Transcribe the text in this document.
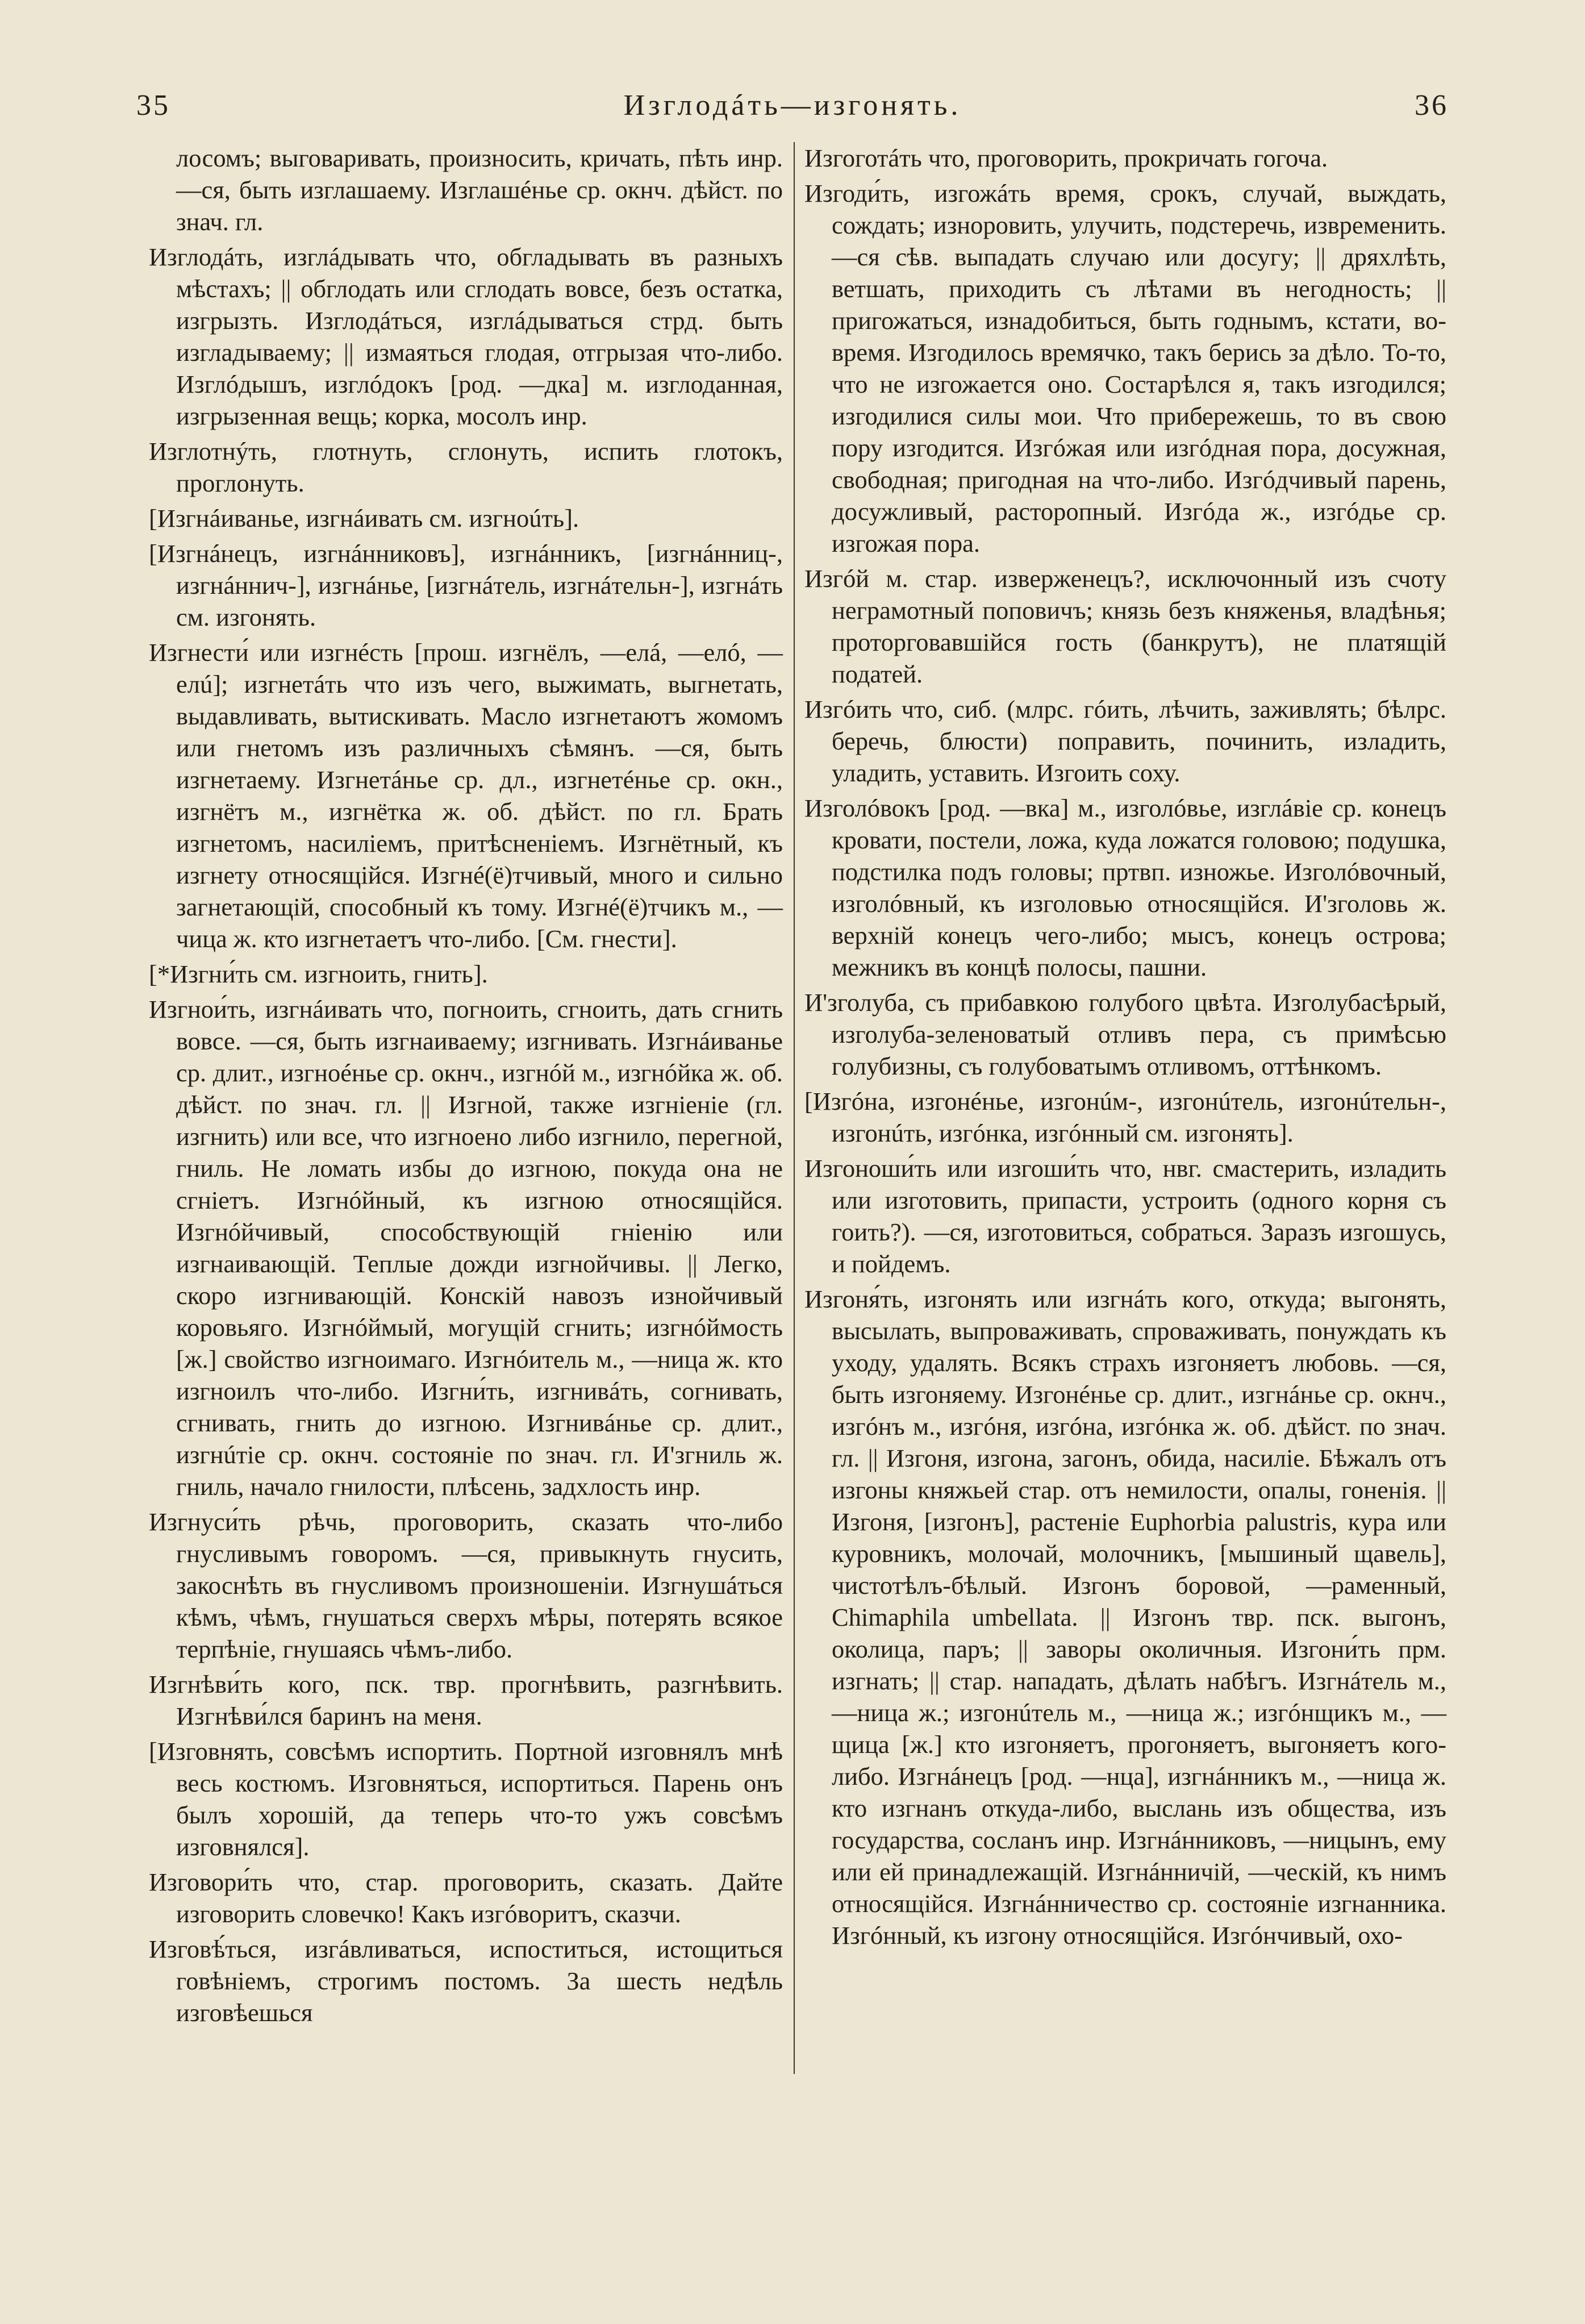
35	Изглодáть—изгонять.	36

лосомъ; выговаривать, произносить, кричать, пѣть инр. —ся, быть изглашаему. Изглашéнье ср. окнч. дѣйст. по знач. гл.

Изглодáть, изглáдывать что, обгладывать въ разныхъ мѣстахъ; || обглодать или сглодать вовсе, безъ остатка, изгрызть. Изглодáться, изглáдываться стрд. быть изгладываему; || измаяться глодая, отгрызая что-либо. Изглóдышъ, изглóдокъ [род. —дка] м. изглоданная, изгрызенная вещь; корка, мосолъ инр.

Изглотнýть, глотнуть, сглонуть, испить глотокъ, проглонуть.

[Изгнáиванье, изгнáивать см. изгноúть].

[Изгнáнецъ, изгнáнниковъ], изгнáнникъ, [изгнáнниц-, изгнáннич-], изгнáнье, [изгнáтель, изгнáтельн-], изгнáть см. изгонять.

Изгнести́ или изгнéсть [прош. изгнёлъ, —елá, —елó, —елú]; изгнетáть что изъ чего, выжимать, выгнетать, выдавливать, вытискивать. Масло изгнетаютъ жомомъ или гнетомъ изъ различныхъ сѣмянъ. —ся, быть изгнетаему. Изгнетáнье ср. дл., изгнетéнье ср. окн., изгнётъ м., изгнётка ж. об. дѣйст. по гл. Брать изгнетомъ, насиліемъ, притѣсненіемъ. Изгнётный, къ изгнету относящійся. Изгнé(ё)тчивый, много и сильно загнетающій, способный къ тому. Изгнé(ё)тчикъ м., —чица ж. кто изгнетаетъ что-либо. [См. гнести].

[*Изгни́ть см. изгноить, гнить].

Изгнои́ть, изгнáивать что, погноить, сгноить, дать сгнить вовсе. —ся, быть изгнаиваему; изгнивать. Изгнáиванье ср. длит., изгноéнье ср. окнч., изгнóй м., изгнóйка ж. об. дѣйст. по знач. гл. || Изгной, также изгніеніе (гл. изгнить) или все, что изгноено либо изгнило, перегной, гниль. Не ломать избы до изгною, покуда она не сгніетъ. Изгнóйный, къ изгною относящійся. Изгнóйчивый, способствующій гніенію или изгнаивающій. Теплые дожди изгнойчивы. || Легко, скоро изгнивающій. Конскій навозъ изнойчивый коровьяго. Изгнóймый, могущій сгнить; изгнóймость [ж.] свойство изгноимаго. Изгнóитель м., —ница ж. кто изгноилъ что-либо. Изгни́ть, изгнивáть, согнивать, сгнивать, гнить до изгною. Изгнивáнье ср. длит., изгнúтіе ср. окнч. состояніе по знач. гл. И'згниль ж. гниль, начало гнилости, плѣсень, задхлость инр.

Изгнуси́ть рѣчь, проговорить, сказать что-либо гнусливымъ говоромъ. —ся, привыкнуть гнусить, закоснѣть въ гнусливомъ произношеніи. Изгнушáться кѣмъ, чѣмъ, гнушаться сверхъ мѣры, потерять всякое терпѣніе, гнушаясь чѣмъ-либо.

Изгнѣви́ть кого, пск. твр. прогнѣвить, разгнѣвить. Изгнѣви́лся баринъ на меня.

[Изговнять, совсѣмъ испортить. Портной изговнялъ мнѣ весь костюмъ. Изговняться, испортиться. Парень онъ былъ хорошій, да теперь что-то ужъ совсѣмъ изговнялся].

Изговори́ть что, стар. проговорить, сказать. Дайте изговорить словечко! Какъ изгóворитъ, сказчи.

Изговѣ́ться, изгáвливаться, испоститься, истощиться говѣніемъ, строгимъ постомъ. За шесть недѣль изговѣешься

Изгоготáть что, проговорить, прокричать гогоча.

Изгоди́ть, изгожáть время, срокъ, случай, выждать, сождать; изноровить, улучить, подстеречь, извременить. —ся сѣв. выпадать случаю или досугу; || дряхлѣть, ветшать, приходить съ лѣтами въ негодность; || пригожаться, изнадобиться, быть годнымъ, кстати, во-время. Изгодилось времячко, такъ берись за дѣло. То-то, что не изгожается оно. Состарѣлся я, такъ изгодился; изгодилися силы мои. Что прибережешь, то въ свою пору изгодится. Изгóжая или изгóдная пора, досужная, свободная; пригодная на что-либо. Изгóдчивый парень, досужливый, расторопный. Изгóда ж., изгóдье ср. изгожая пора.

Изгóй м. стар. изверженецъ?, исключонный изъ счоту неграмотный поповичъ; князь безъ княженья, владѣнья; проторговавшійся гость (банкрутъ), не платящій податей.

Изгóить что, сиб. (млрс. гóить, лѣчить, заживлять; бѣлрс. беречь, блюсти) поправить, починить, изладить, уладить, уставить. Изгоить соху.

Изголóвокъ [род. —вка] м., изголóвье, изглáвіе ср. конецъ кровати, постели, ложа, куда ложатся головою; подушка, подстилка подъ головы; пртвп. изножье. Изголóвочный, изголóвный, къ изголовью относящійся. И'зголовь ж. верхній конецъ чего-либо; мысъ, конецъ острова; межникъ въ концѣ полосы, пашни.

И'зголуба, съ прибавкою голубого цвѣта. Изголубасѣрый, изголуба-зеленоватый отливъ пера, съ примѣсью голубизны, съ голубоватымъ отливомъ, оттѣнкомъ.

[Изгóна, изгонéнье, изгонúм-, изгонúтель, изгонúтельн-, изгонúть, изгóнка, изгóнный см. изгонять].

Изгоноши́ть или изгоши́ть что, нвг. смастерить, изладить или изготовить, припасти, устроить (одного корня съ гоить?). —ся, изготовиться, собраться. Заразъ изгошусь, и пойдемъ.

Изгоня́ть, изгонять или изгнáть кого, откуда; выгонять, высылать, выпроваживать, спроваживать, понуждать къ уходу, удалять. Всякъ страхъ изгоняетъ любовь. —ся, быть изгоняему. Изгонéнье ср. длит., изгнáнье ср. окнч., изгóнъ м., изгóня, изгóна, изгóнка ж. об. дѣйст. по знач. гл. || Изгоня, изгона, загонъ, обида, насиліе. Бѣжалъ отъ изгоны княжьей стар. отъ немилости, опалы, гоненія. || Изгоня, [изгонъ], растеніе Euphorbia palustris, кура или куровникъ, молочай, молочникъ, [мышиный щавель], чистотѣлъ-бѣлый. Изгонъ боровой, —раменный, Chimaphila umbellata. || Изгонъ твр. пск. выгонъ, околица, паръ; || заворы околичныя. Изгони́ть прм. изгнать; || стар. нападать, дѣлать набѣгъ. Изгнáтель м., —ница ж.; изгонúтель м., —ница ж.; изгóнщикъ м., —щица [ж.] кто изгоняетъ, прогоняетъ, выгоняетъ кого-либо. Изгнáнецъ [род. —нца], изгнáнникъ м., —ница ж. кто изгнанъ откуда-либо, выслань изъ общества, изъ государства, сосланъ инр. Изгнáнниковъ, —ницынъ, ему или ей принадлежащій. Изгнáнничій, —ческій, къ нимъ относящійся. Изгнáнничество ср. состояніе изгнанника. Изгóнный, къ изгону относящійся. Изгóнчивый, охо-
